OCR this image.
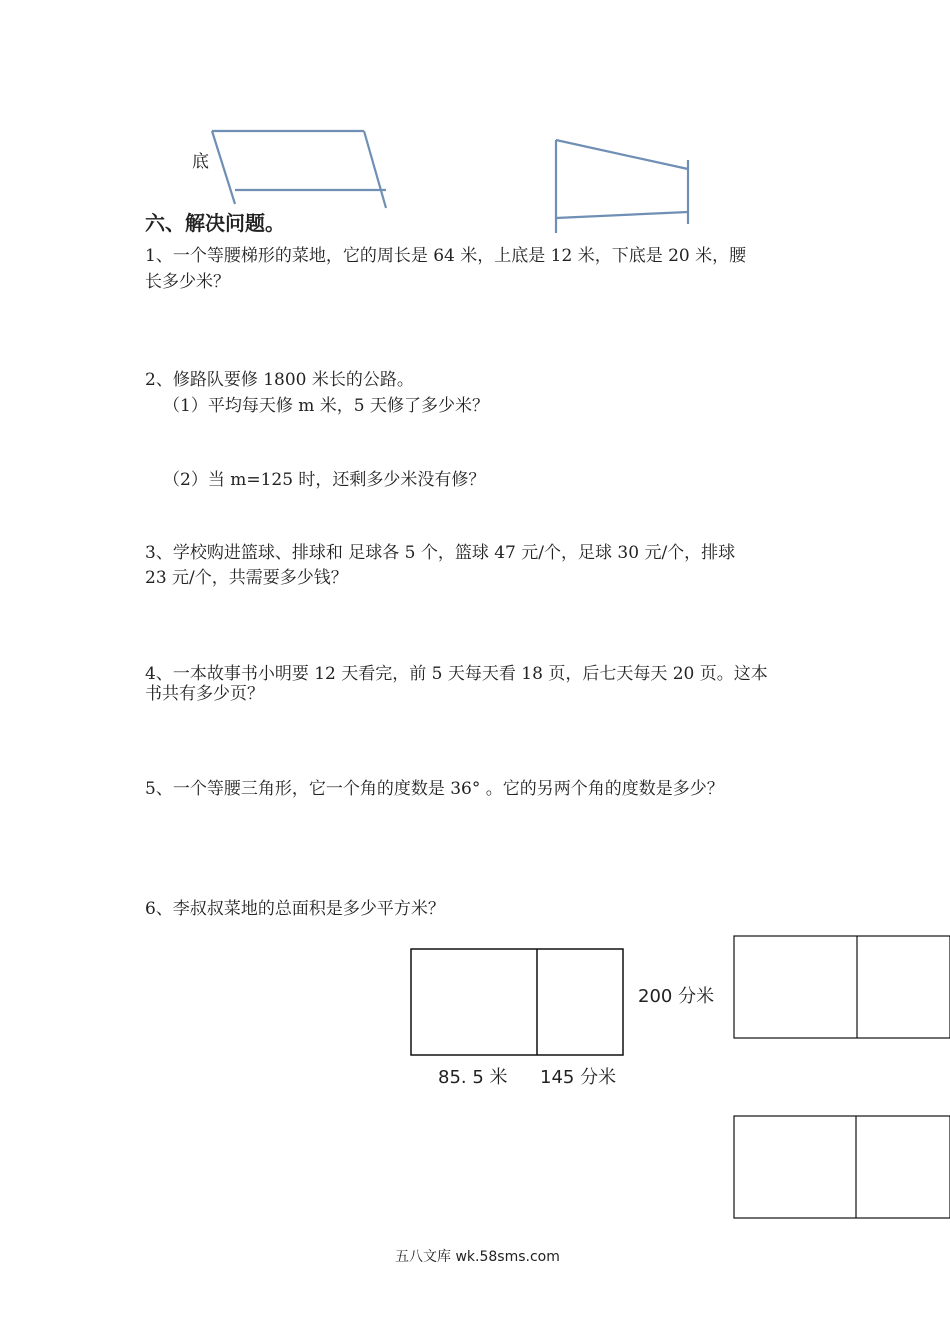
底
六、解决问题。
1、一个等腰梯形的菜地，它的周长是 64 米，上底是 12 米，下底是 20 米，腰
长多少米？
2、修路队要修 1800 米长的公路。
（1）平均每天修 m 米，5 天修了多少米？
（2）当 m=125 时，还剩多少米没有修？
3、学校购进篮球、排球和 足球各 5 个，篮球 47 元/个，足球 30 元/个，排球
23 元/个，共需要多少钱？
4、一本故事书小明要 12 天看完，前 5 天每天看 18 页，后七天每天 20 页。这本
书共有多少页？
5、一个等腰三角形，它一个角的度数是 36° 。它的另两个角的度数是多少？
6、李叔叔菜地的总面积是多少平方米？
200 分米
85. 5 米 145 分米
五八文库 wk.58sms.com
